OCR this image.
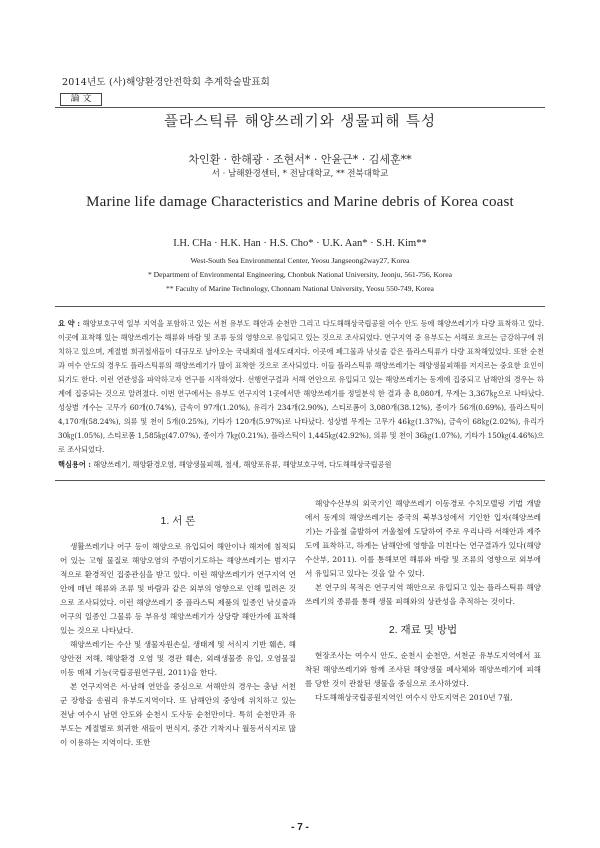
2014년도 (사)해양환경안전학회 추계학술발표회
論 文
플라스틱류 해양쓰레기와 생물피해 특성
차인환 · 한해광 · 조현서* · 안윤근* · 김세훈**
서 · 남해환경센터, * 전남대학교, ** 전북대학교
Marine life damage Characteristics and Marine debris of Korea coast
I.H. CHa · H.K. Han · H.S. Cho* · U.K. Aan* · S.H. Kim**
West-South Sea Environmental Center, Yeosu Jangseong2way27, Korea
* Department of Environmental Engineering, Chonbuk National University, Jeonju, 561-756, Korea
** Faculty of Marine Technology, Chonnam National University, Yeosu 550-749, Korea
요 약 : 해양보호구역 일부 지역을 포함하고 있는 서천 유부도 해안과 순천만 그리고 다도해해상국립공원 여수 안도 등에 해양쓰레기가 다량 표착하고 있다. 이곳에 표착해 있는 해양쓰레기는 해류와 바람 및 조류 등의 영향으로 유입되고 있는 것으로 조사되었다. 연구지역 중 유부도는 서해로 흐르는 금강하구에 위치하고 있으며, 계절별 희귀철새들이 대규모로 날아오는 국내최대 철새도래지다. 이곳에 폐그물과 낚싯줄 같은 플라스틱류가 다량 표착해있었다. 또한 순천과 여수 안도의 경우도 플라스틱류의 해양쓰레기가 많이 표착한 것으로 조사되었다. 이들 플라스틱류 해양쓰레기는 해양생물피해를 저지르는 중요한 요인이 되기도 한다. 이런 연관성을 파악하고자 연구를 시작하였다. 선행연구결과 서해 연안으로 유입되고 있는 해양쓰레기는 동계에 집중되고 남해안의 경우는 하계에 집중되는 것으로 알려졌다. 이번 연구에서는 유부도 연구지역 1곳에서만 해양쓰레기를 정밀분석 한 결과 총 8,080개, 무게는 3,367㎏으로 나타났다. 성상별 개수는 고무가 60개(0.74%), 금속이 97개(1.20%), 유리가 234개(2.90%), 스티로폼이 3,080개(38.12%), 종이가 56개(0.69%), 플라스틱이 4,170개(58.24%), 의류 및 천이 5개(0.25%), 기타가 120개(5.97%)로 나타났다. 성상별 무게는 고무가 46㎏(1.37%), 금속이 68㎏(2.02%), 유리가 30㎏(1.05%), 스티로폼 1,585㎏(47.07%), 종이가 7㎏(0.21%), 플라스틱이 1,445㎏(42.92%), 의류 및 천이 36㎏(1.07%), 기타가 150㎏(4.46%)으로 조사되었다.
핵심용어 : 해양쓰레기, 해양환경오염, 해양생물피해, 철새, 해양포유류, 해양보호구역, 다도해해상국립공원
1. 서 론

생활쓰레기나 어구 등이 해양으로 유입되어 해안이나 해저에 침적되어 있는 고형 물질로 해양오염의 주범이기도하는 해양쓰레기는 범지구적으로 환경적인 집중관심을 받고 있다. 이런 해양쓰레기가 연구지역 연안에 매년 해류와 조류 및 바람과 같은 외부의 영향으로 인해 밀려온 것으로 조사되었다. 이런 해양쓰레기 중 플라스틱 제품의 일종인 낚싯줄과 어구의 일종인 그물류 등 부유성 해양쓰레기가 상당량 해안가에 표착해있는 것으로 나타났다.

해양쓰레기는 수산 및 생물자원손실, 생태계 및 서식지 기반 훼손, 해양안전 저해, 해양환경 오염 및 경관 훼손, 외래생물종 유입, 오염물질 이동 매체 기능(국립공원연구원, 2011)을 한다.

본 연구지역은 서·남해 연안을 중심으로 서해안의 경우는 충남 서천군 장항읍 송림리 유부도지역이다. 또 남해안의 중앙에 위치하고 있는 전남 여수시 남면 안도와 순천시 도사동 순천만이다. 특히 순천만과 유부도는 계절별로 희귀한 새들이 번식지, 중간 기착지나 월동서식지로 많이 이용하는 지역이다. 또한

해양수산부의 외국기인 해양쓰레기 이동경로 수치모델링 기법 개발에서 동계의 해양쓰레기는 중국의 북부3성에서 기인한 입자(해양쓰레기)는 가을철 출발하여 겨울철에 도달하여 주로 우리나라 서해안과 제주도에 표착하고, 하계는 남해안에 영향을 미친다는 연구결과가 있다(해양수산부, 2011). 이를 통해보면 해류와 바람 및 조류의 영향으로 외부에서 유입되고 있다는 것을 알 수 있다.

본 연구의 목적은 연구지역 해안으로 유입되고 있는 플라스틱류 해양쓰레기의 종류를 통해 생물 피해와의 상관성을 추적하는 것이다.

2. 재료 및 방법

현장조사는 여수시 안도, 순천시 순천만, 서천군 유부도지역에서 표착된 해양쓰레기와 함께 조사된 해양생물 폐사체와 해양쓰레기에 피해를 당한 것이 관찰된 생물을 중심으로 조사하였다.

다도해해상국립공원지역인 여수시 안도지역은 2010년 7월,

- 7 -
